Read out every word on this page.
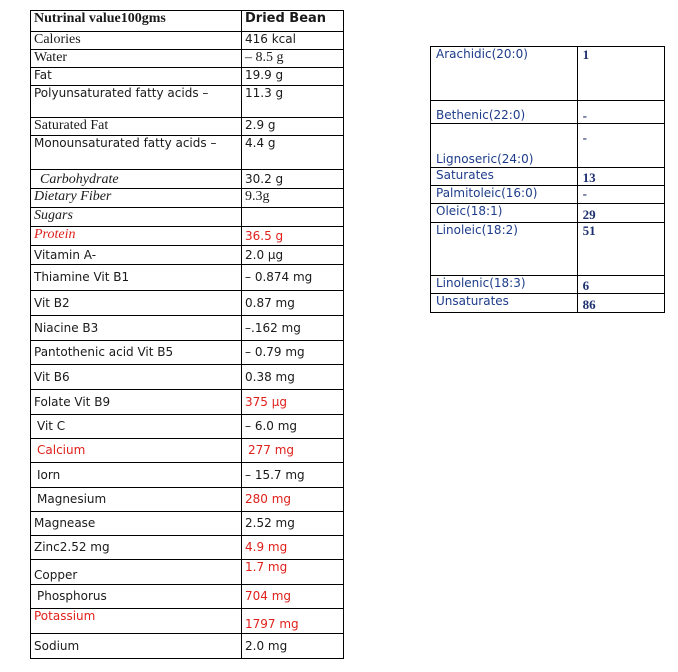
Nutrinal value100gms	Dried Bean
Calories	416 kcal
Water	– 8.5 g
Fat	19.9 g
Polyunsaturated fatty acids –	11.3 g
Saturated Fat	2.9 g
Monounsaturated fatty acids –	4.4 g
Carbohydrate	30.2 g
Dietary Fiber	9.3g
Sugars	
Protein	36.5 g
Vitamin A-	2.0 µg
Thiamine Vit B1	– 0.874 mg
Vit B2	0.87 mg
Niacine B3	–.162 mg
Pantothenic acid Vit B5	– 0.79 mg
Vit B6	0.38 mg
Folate Vit B9	375 µg
Vit C	– 6.0 mg
Calcium	277 mg
Iorn	– 15.7 mg
Magnesium	280 mg
Magnease	2.52 mg
Zinc2.52 mg	4.9 mg
Copper	1.7 mg
Phosphorus	704 mg
Potassium	1797 mg
Sodium	2.0 mg
Arachidic(20:0)	1
Bethenic(22:0)	-
Lignoseric(24:0)	-
Saturates	13
Palmitoleic(16:0)	-
Oleic(18:1)	29
Linoleic(18:2)	51
Linolenic(18:3)	6
Unsaturates	86
